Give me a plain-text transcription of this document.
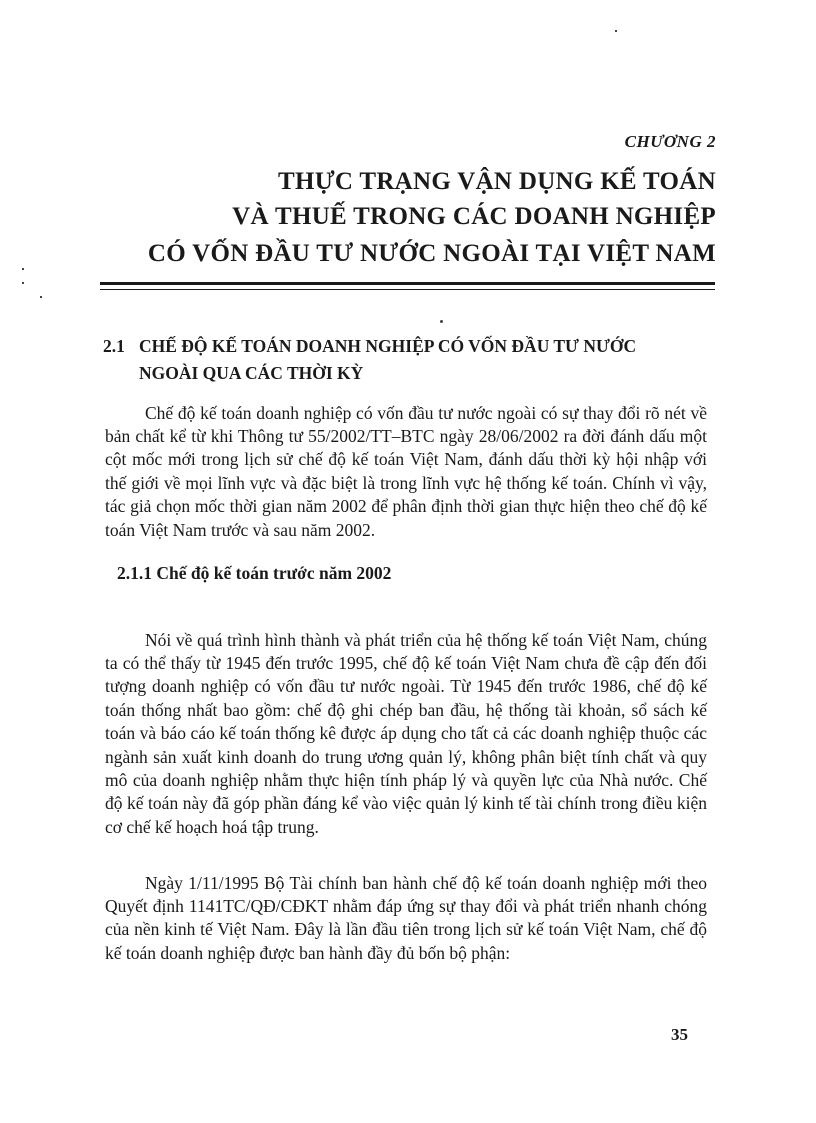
CHƯƠNG 2
THỰC TRẠNG VẬN DỤNG KẾ TOÁN
VÀ THUẾ TRONG CÁC DOANH NGHIỆP
CÓ VỐN ĐẦU TƯ NƯỚC NGOÀI TẠI VIỆT NAM
2.1 CHẾ ĐỘ KẾ TOÁN DOANH NGHIỆP CÓ VỐN ĐẦU TƯ NƯỚC
NGOÀI QUA CÁC THỜI KỲ

Chế độ kế toán doanh nghiệp có vốn đầu tư nước ngoài có sự thay đổi rõ nét về bản chất kể từ khi Thông tư 55/2002/TT–BTC ngày 28/06/2002 ra đời đánh dấu một cột mốc mới trong lịch sử chế độ kế toán Việt Nam, đánh dấu thời kỳ hội nhập với thế giới về mọi lĩnh vực và đặc biệt là trong lĩnh vực hệ thống kế toán. Chính vì vậy, tác giả chọn mốc thời gian năm 2002 để phân định thời gian thực hiện theo chế độ kế toán Việt Nam trước và sau năm 2002.

2.1.1 Chế độ kế toán trước năm 2002

Nói về quá trình hình thành và phát triển của hệ thống kế toán Việt Nam, chúng ta có thể thấy từ 1945 đến trước 1995, chế độ kế toán Việt Nam chưa đề cập đến đối tượng doanh nghiệp có vốn đầu tư nước ngoài. Từ 1945 đến trước 1986, chế độ kế toán thống nhất bao gồm: chế độ ghi chép ban đầu, hệ thống tài khoản, sổ sách kế toán và báo cáo kế toán thống kê được áp dụng cho tất cả các doanh nghiệp thuộc các ngành sản xuất kinh doanh do trung ương quản lý, không phân biệt tính chất và quy mô của doanh nghiệp nhằm thực hiện tính pháp lý và quyền lực của Nhà nước. Chế độ kế toán này đã góp phần đáng kể vào việc quản lý kinh tế tài chính trong điều kiện cơ chế kế hoạch hoá tập trung.

Ngày 1/11/1995 Bộ Tài chính ban hành chế độ kế toán doanh nghiệp mới theo Quyết định 1141TC/QĐ/CĐKT nhằm đáp ứng sự thay đổi và phát triển nhanh chóng của nền kinh tế Việt Nam. Đây là lần đầu tiên trong lịch sử kế toán Việt Nam, chế độ kế toán doanh nghiệp được ban hành đầy đủ bốn bộ phận:

35
